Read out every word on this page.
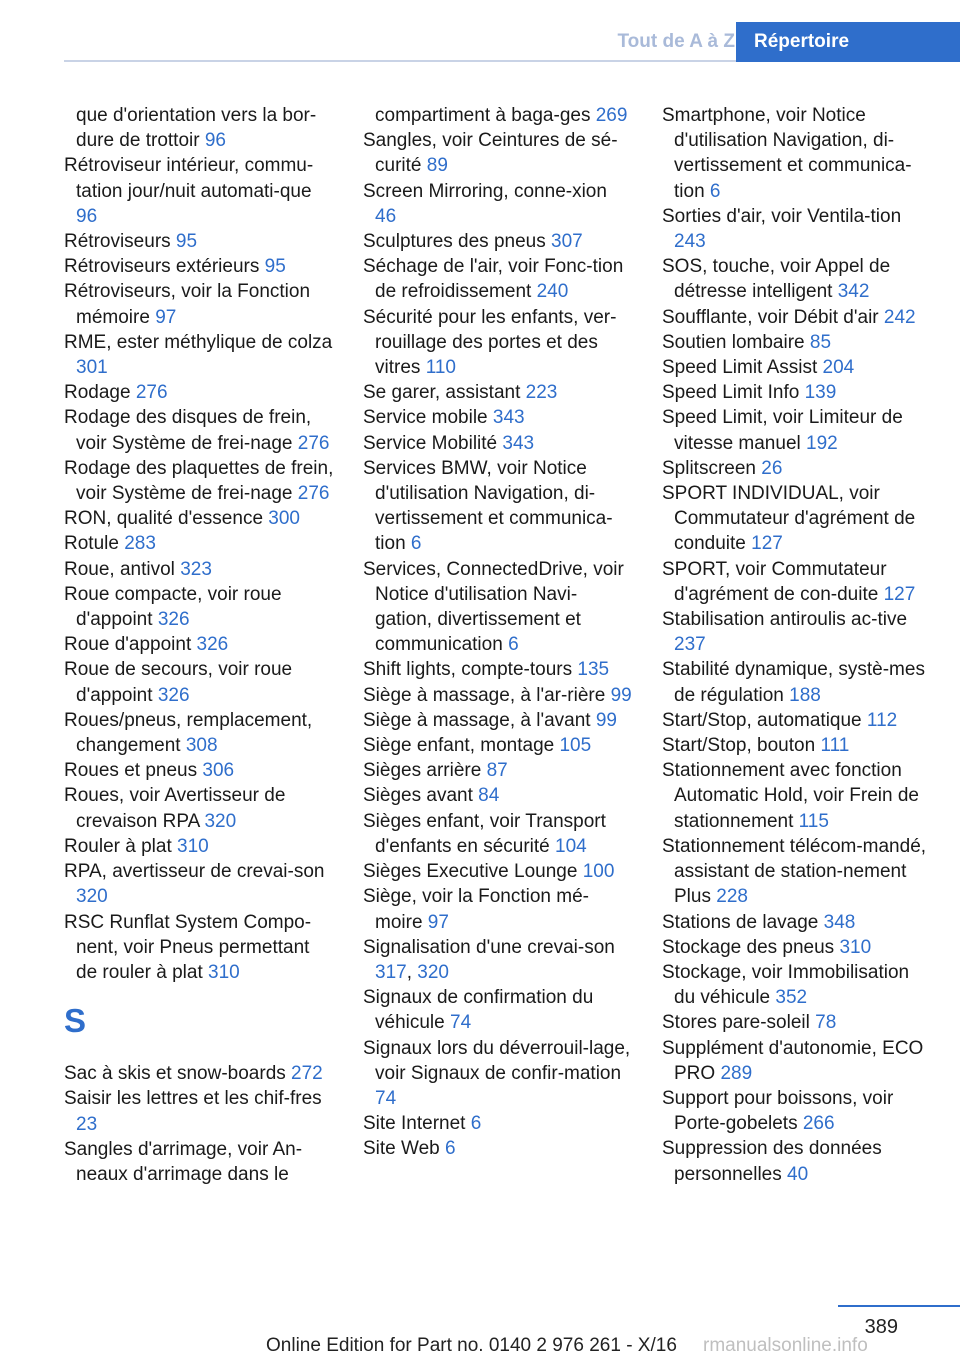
Tout de A à Z	Répertoire

que d'orientation vers la bor-dure de trottoir 96

Rétroviseur intérieur, commu-tation jour/nuit automati-que 96

Rétroviseurs 95

Rétroviseurs extérieurs 95

Rétroviseurs, voir la Fonction mémoire 97

RME, ester méthylique de colza 301

Rodage 276

Rodage des disques de frein, voir Système de frei-nage 276

Rodage des plaquettes de frein, voir Système de frei-nage 276

RON, qualité d'essence 300

Rotule 283

Roue, antivol 323

Roue compacte, voir roue d'appoint 326

Roue d'appoint 326

Roue de secours, voir roue d'appoint 326

Roues/pneus, remplacement, changement 308

Roues et pneus 306

Roues, voir Avertisseur de crevaison RPA 320

Rouler à plat 310

RPA, avertisseur de crevai-son 320

RSC Runflat System Compo-nent, voir Pneus permettant de rouler à plat 310

S

Sac à skis et snow-boards 272

Saisir les lettres et les chif-fres 23

Sangles d'arrimage, voir An-neaux d'arrimage dans le

compartiment à baga-ges 269

Sangles, voir Ceintures de sé-curité 89

Screen Mirroring, conne-xion 46

Sculptures des pneus 307

Séchage de l'air, voir Fonc-tion de refroidissement 240

Sécurité pour les enfants, ver-rouillage des portes et des vitres 110

Se garer, assistant 223

Service mobile 343

Service Mobilité 343

Services BMW, voir Notice d'utilisation Navigation, di-vertissement et communica-tion 6

Services, ConnectedDrive, voir Notice d'utilisation Navi-gation, divertissement et communication 6

Shift lights, compte-tours 135

Siège à massage, à l'ar-rière 99

Siège à massage, à l'avant 99

Siège enfant, montage 105

Sièges arrière 87

Sièges avant 84

Sièges enfant, voir Transport d'enfants en sécurité 104

Sièges Executive Lounge 100

Siège, voir la Fonction mé-moire 97

Signalisation d'une crevai-son 317, 320

Signaux de confirmation du véhicule 74

Signaux lors du déverrouil-lage, voir Signaux de confir-mation 74

Site Internet 6

Site Web 6

Smartphone, voir Notice d'utilisation Navigation, di-vertissement et communica-tion 6

Sorties d'air, voir Ventila-tion 243

SOS, touche, voir Appel de détresse intelligent 342

Soufflante, voir Débit d'air 242

Soutien lombaire 85

Speed Limit Assist 204

Speed Limit Info 139

Speed Limit, voir Limiteur de vitesse manuel 192

Splitscreen 26

SPORT INDIVIDUAL, voir Commutateur d'agrément de conduite 127

SPORT, voir Commutateur d'agrément de con-duite 127

Stabilisation antiroulis ac-tive 237

Stabilité dynamique, systè-mes de régulation 188

Start/Stop, automatique 112

Start/Stop, bouton 111

Stationnement avec fonction Automatic Hold, voir Frein de stationnement 115

Stationnement télécom-mandé, assistant de station-nement Plus 228

Stations de lavage 348

Stockage des pneus 310

Stockage, voir Immobilisation du véhicule 352

Stores pare-soleil 78

Supplément d'autonomie, ECO PRO 289

Support pour boissons, voir Porte-gobelets 266

Suppression des données personnelles 40

389
Online Edition for Part no. 0140 2 976 261 - X/16 rmanualsonline.info
